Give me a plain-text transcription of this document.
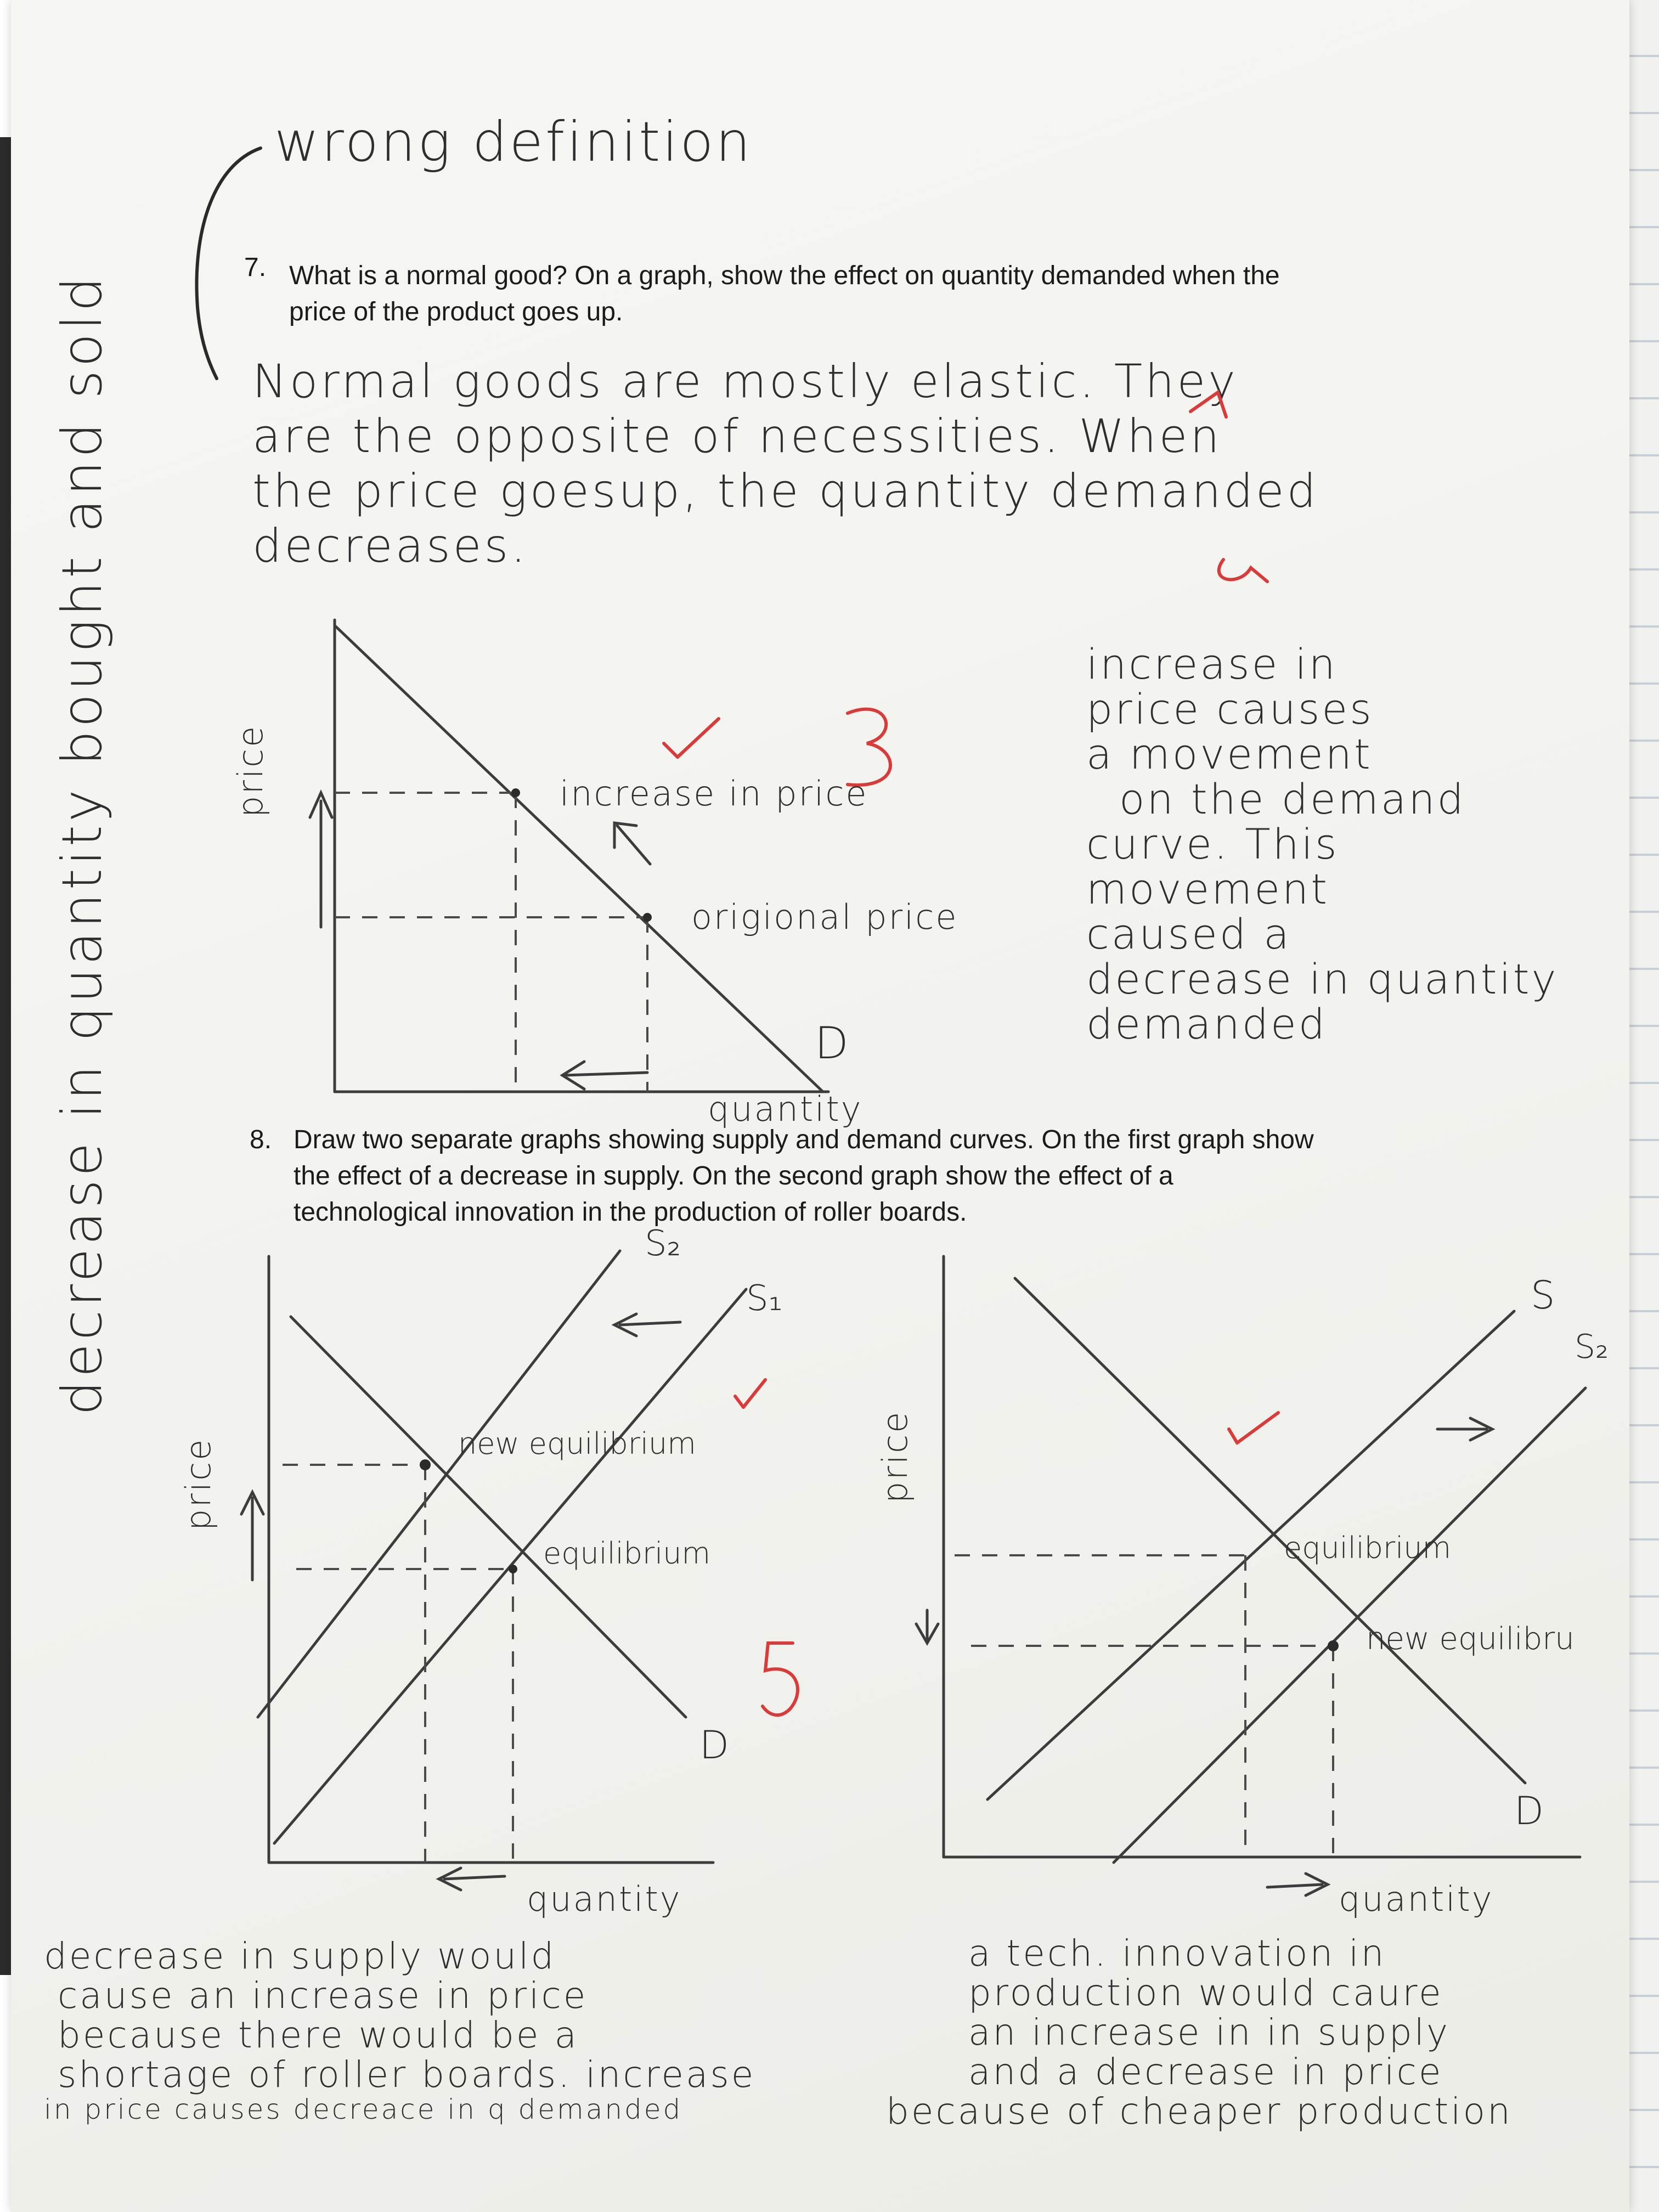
wrong definition

7. What is a normal good? On a graph, show the effect on quantity demanded when the
price of the product goes up.
Normal goods are mostly elastic. They
are the opposite of necessities. When
the price goesup, the quantity demanded
decreases.

price	increase in price

origional price

D

quantity

increase in
price causes
a movement
on the demand
curve. This
movement
caused a
decrease in quantity
demanded

decrease in quantity bought and sold	8. Draw two separate graphs showing supply and demand curves. On the first graph show
the effect of a decrease in supply. On the second graph show the effect of a
technological innovation in the production of roller boards.

price

S₂

S₁

new equilibrium

equilibrium

D

quantity

decrease in supply would
cause an increase in price
because there would be a
shortage of roller boards. increase
in price causes decreace in q demanded

price

S

S₂

equilibrium

new equilibru

D

quantity

a tech. innovation in
production would caure
an increase in in supply
and a decrease in price
because of cheaper production
